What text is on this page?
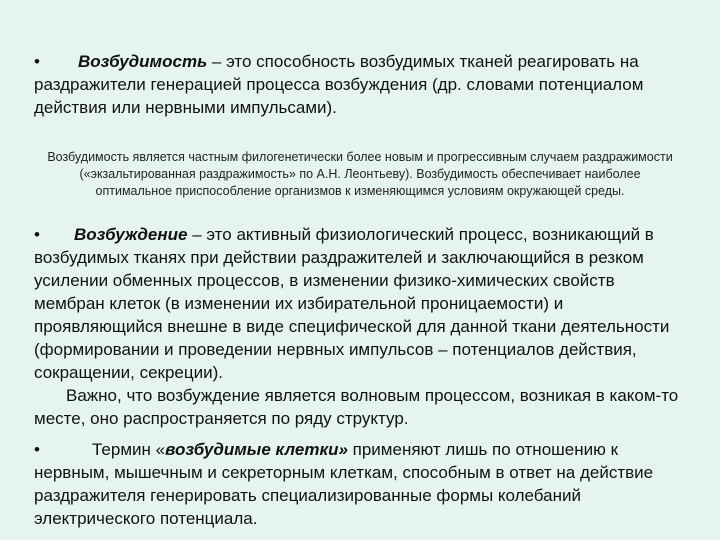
• Возбудимость – это способность возбудимых тканей реагировать на раздражители генерацией процесса возбуждения (др. словами потенциалом действия или нервными импульсами).

Возбудимость является частным филогенетически более новым и прогрессивным случаем раздражимости («экзальтированная раздражимость» по А.Н. Леонтьеву). Возбудимость обеспечивает наиболее оптимальное приспособление организмов к изменяющимся условиям окружающей среды.

• Возбуждение – это активный физиологический процесс, возникающий в возбудимых тканях при действии раздражителей и заключающийся в резком усилении обменных процессов, в изменении физико-химических свойств мембран клеток (в изменении их избирательной проницаемости) и проявляющийся внешне в виде специфической для данной ткани деятельности (формировании и проведении нервных импульсов – потенциалов действия, сокращении, секреции).
Важно, что возбуждение является волновым процессом, возникая в каком-то месте, оно распространяется по ряду структур.

•	Термин «возбудимые клетки» применяют лишь по отношению к нервным, мышечным и секреторным клеткам, способным в ответ на действие раздражителя генерировать специализированные формы колебаний электрического потенциала.
